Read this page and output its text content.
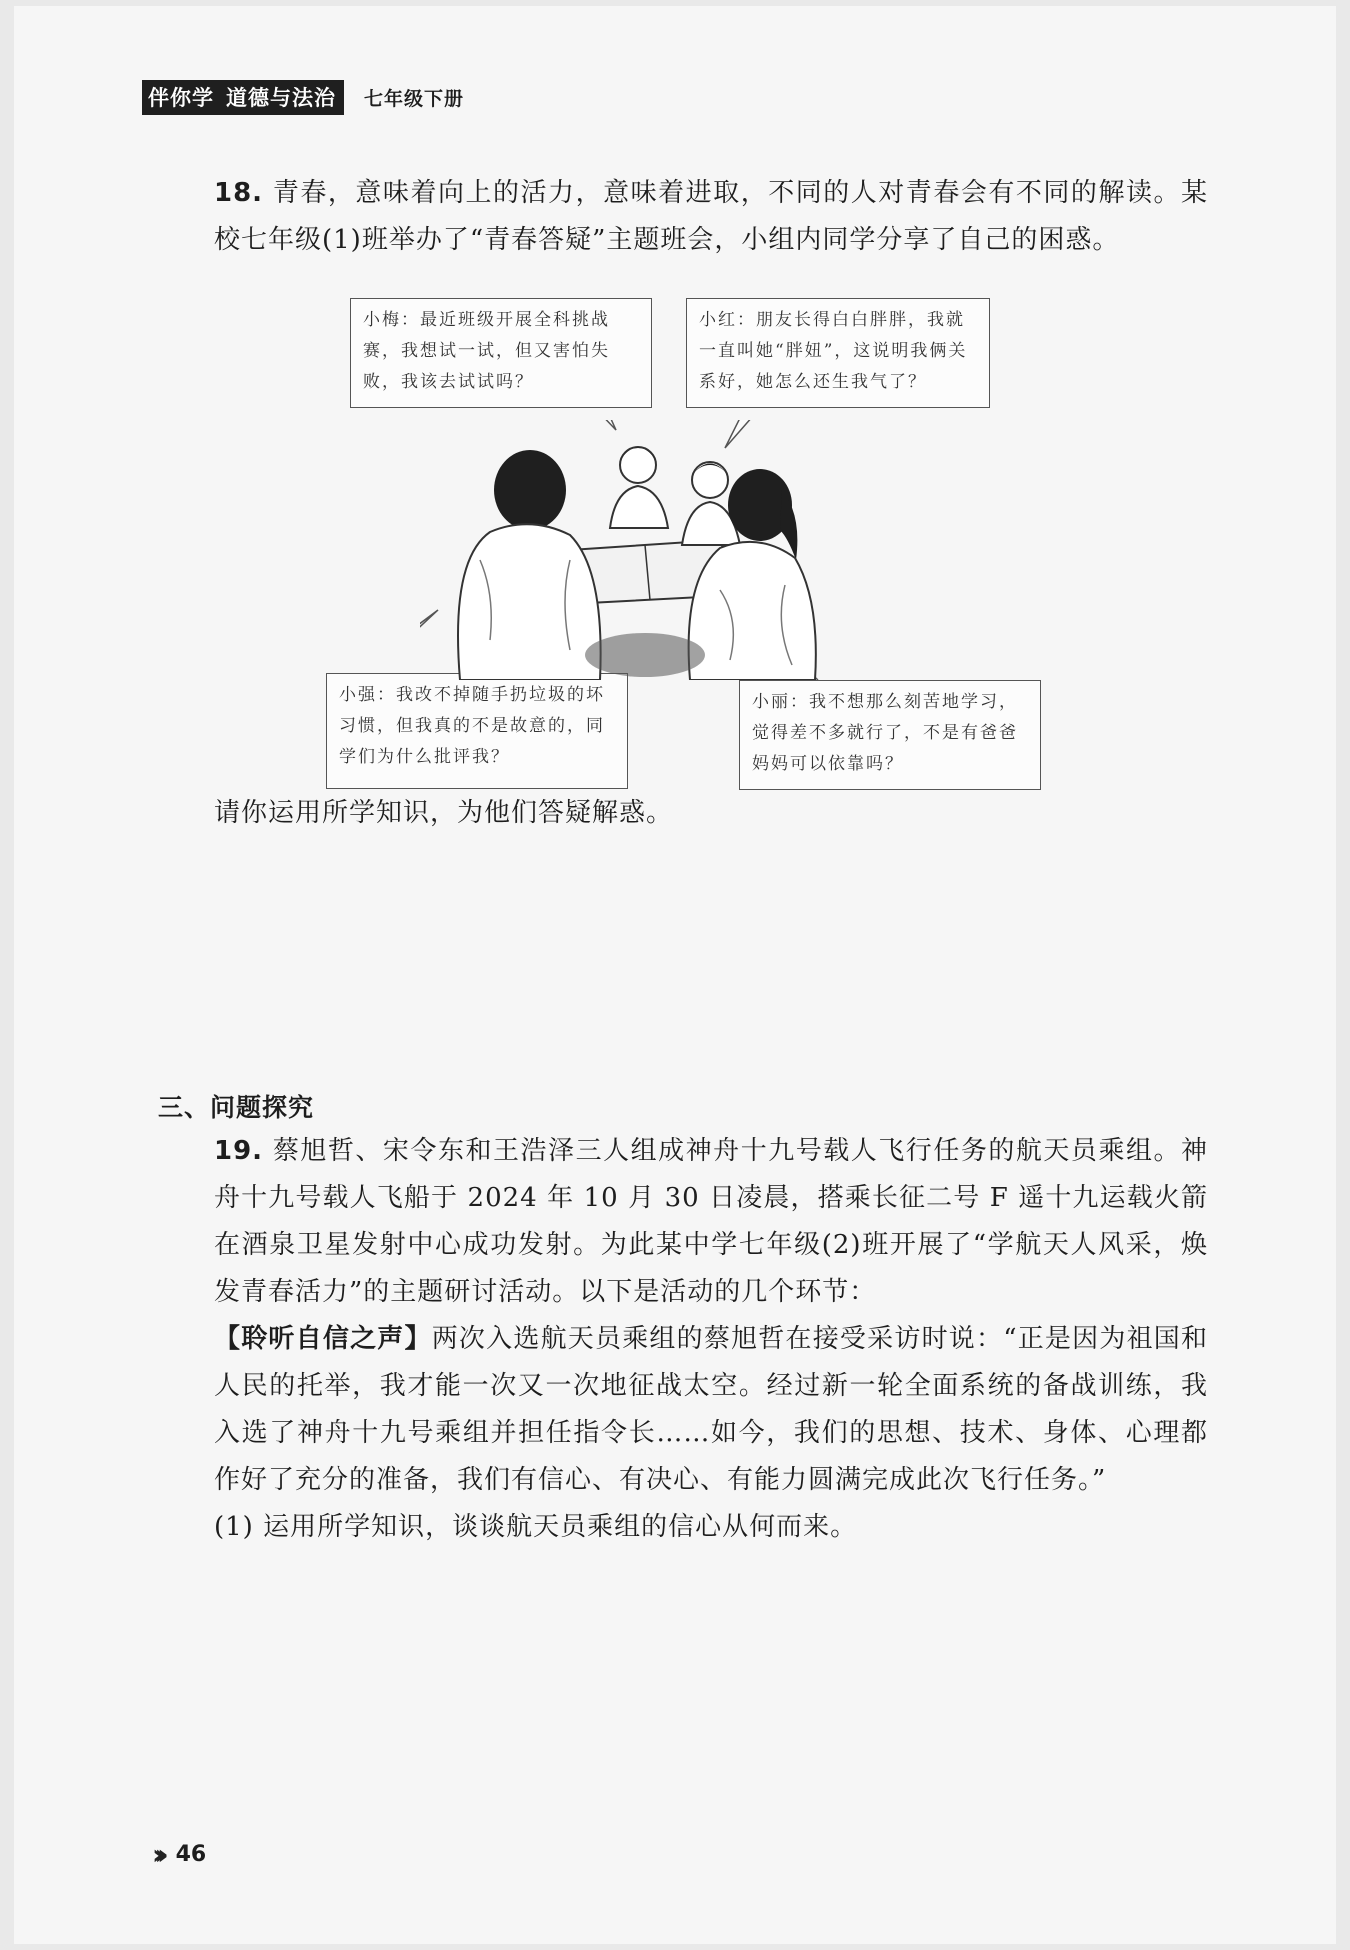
伴你学 道德与法治	七年级下册
18. 青春，意味着向上的活力，意味着进取，不同的人对青春会有不同的解读。某校七年级(1)班举办了“青春答疑”主题班会，小组内同学分享了自己的困惑。
小梅：最近班级开展全科挑战赛，我想试一试，但又害怕失败，我该去试试吗？
小红：朋友长得白白胖胖，我就一直叫她“胖妞”，这说明我俩关系好，她怎么还生我气了？
小强：我改不掉随手扔垃圾的坏习惯，但我真的不是故意的，同学们为什么批评我？
小丽：我不想那么刻苦地学习，觉得差不多就行了，不是有爸爸妈妈可以依靠吗？
请你运用所学知识，为他们答疑解惑。
三、问题探究
19. 蔡旭哲、宋令东和王浩泽三人组成神舟十九号载人飞行任务的航天员乘组。神舟十九号载人飞船于 2024 年 10 月 30 日凌晨，搭乘长征二号 F 遥十九运载火箭在酒泉卫星发射中心成功发射。为此某中学七年级(2)班开展了“学航天人风采，焕发青春活力”的主题研讨活动。以下是活动的几个环节：
【聆听自信之声】两次入选航天员乘组的蔡旭哲在接受采访时说：“正是因为祖国和人民的托举，我才能一次又一次地征战太空。经过新一轮全面系统的备战训练，我入选了神舟十九号乘组并担任指令长……如今，我们的思想、技术、身体、心理都作好了充分的准备，我们有信心、有决心、有能力圆满完成此次飞行任务。”
(1) 运用所学知识，谈谈航天员乘组的信心从何而来。
››› 46
